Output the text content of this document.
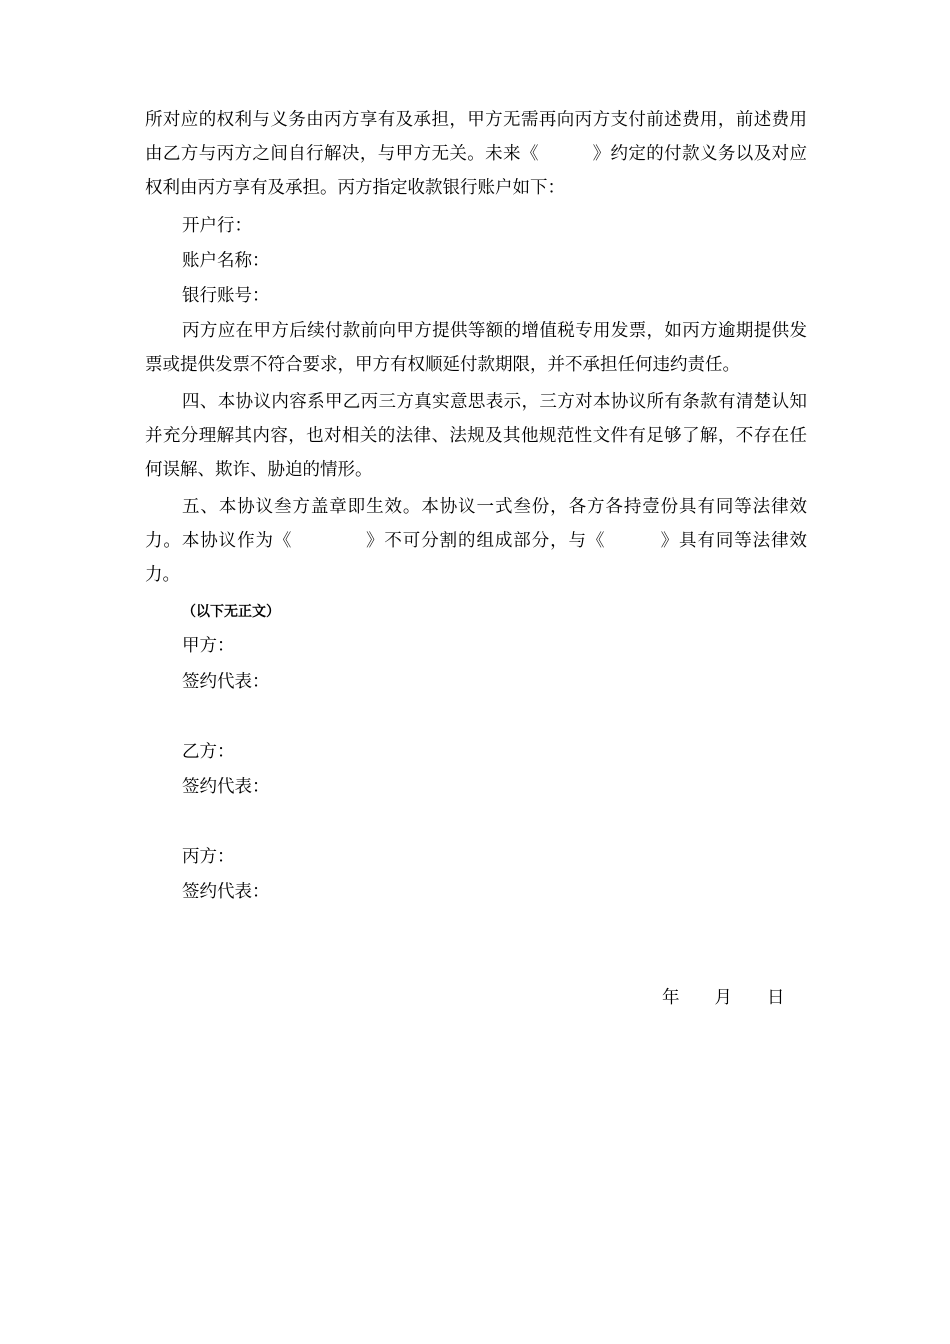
所对应的权利与义务由丙方享有及承担，甲方无需再向丙方支付前述费用，前述费用由乙方与丙方之间自行解决，与甲方无关。未来《　　　》约定的付款义务以及对应权利由丙方享有及承担。丙方指定收款银行账户如下：

开户行：

账户名称：

银行账号：

丙方应在甲方后续付款前向甲方提供等额的增值税专用发票，如丙方逾期提供发票或提供发票不符合要求，甲方有权顺延付款期限，并不承担任何违约责任。

四、本协议内容系甲乙丙三方真实意思表示，三方对本协议所有条款有清楚认知并充分理解其内容，也对相关的法律、法规及其他规范性文件有足够了解，不存在任何误解、欺诈、胁迫的情形。

五、本协议叁方盖章即生效。本协议一式叁份，各方各持壹份具有同等法律效力。本协议作为《　　　　》不可分割的组成部分，与《　　　》具有同等法律效力。

（以下无正文）

甲方：

签约代表：

乙方：

签约代表：

丙方：

签约代表：

年　　月　　日
